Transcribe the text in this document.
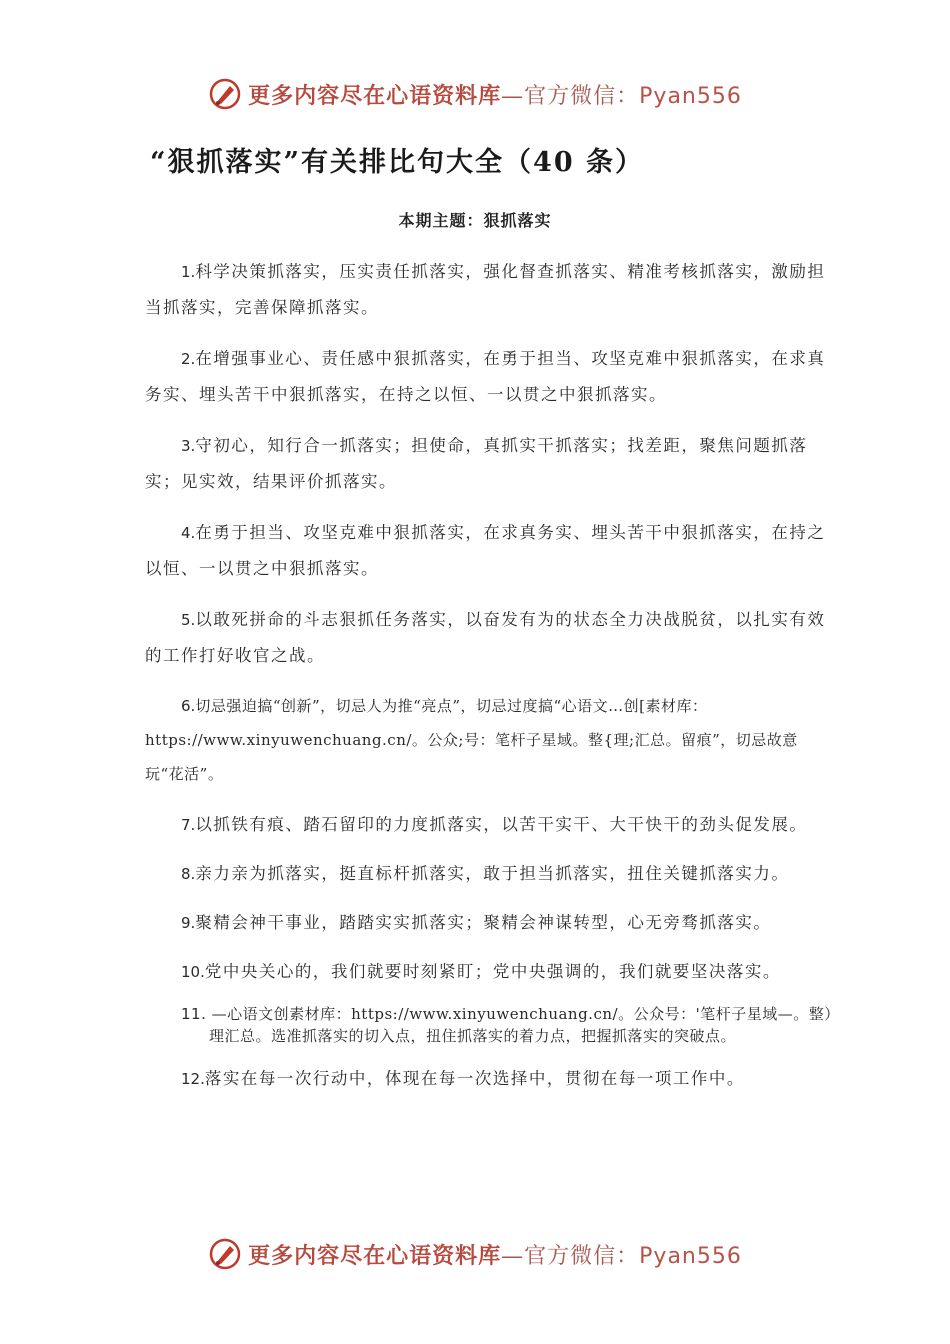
更多内容尽在心语资料库—官方微信：Pyan556
“狠抓落实”有关排比句大全（40 条）
本期主题：狠抓落实

1.科学决策抓落实，压实责任抓落实，强化督查抓落实、精准考核抓落实，激励担当抓落实，完善保障抓落实。

2.在增强事业心、责任感中狠抓落实，在勇于担当、攻坚克难中狠抓落实，在求真务实、埋头苦干中狠抓落实，在持之以恒、一以贯之中狠抓落实。

3.守初心，知行合一抓落实；担使命，真抓实干抓落实；找差距，聚焦问题抓落实；见实效，结果评价抓落实。

4.在勇于担当、攻坚克难中狠抓落实，在求真务实、埋头苦干中狠抓落实，在持之以恒、一以贯之中狠抓落实。

5.以敢死拼命的斗志狠抓任务落实，以奋发有为的状态全力决战脱贫，以扎实有效的工作打好收官之战。

6.切忌强迫搞“创新”，切忌人为推“亮点”，切忌过度搞“心语文…创[素材库：https://www.xinyuwenchuang.cn/。公众;号：笔杆子星域。整{理;汇总。留痕”，切忌故意玩“花活”。

7.以抓铁有痕、踏石留印的力度抓落实，以苦干实干、大干快干的劲头促发展。

8.亲力亲为抓落实，挺直标杆抓落实，敢于担当抓落实，扭住关键抓落实力。

9.聚精会神干事业，踏踏实实抓落实；聚精会神谋转型，心无旁骛抓落实。

10.党中央关心的，我们就要时刻紧盯；党中央强调的，我们就要坚决落实。

11. —心语文创素材库：https://www.xinyuwenchuang.cn/。公众号：'笔杆子星域—。整）理汇总。选准抓落实的切入点，扭住抓落实的着力点，把握抓落实的突破点。

12.落实在每一次行动中，体现在每一次选择中，贯彻在每一项工作中。

更多内容尽在心语资料库—官方微信：Pyan556
